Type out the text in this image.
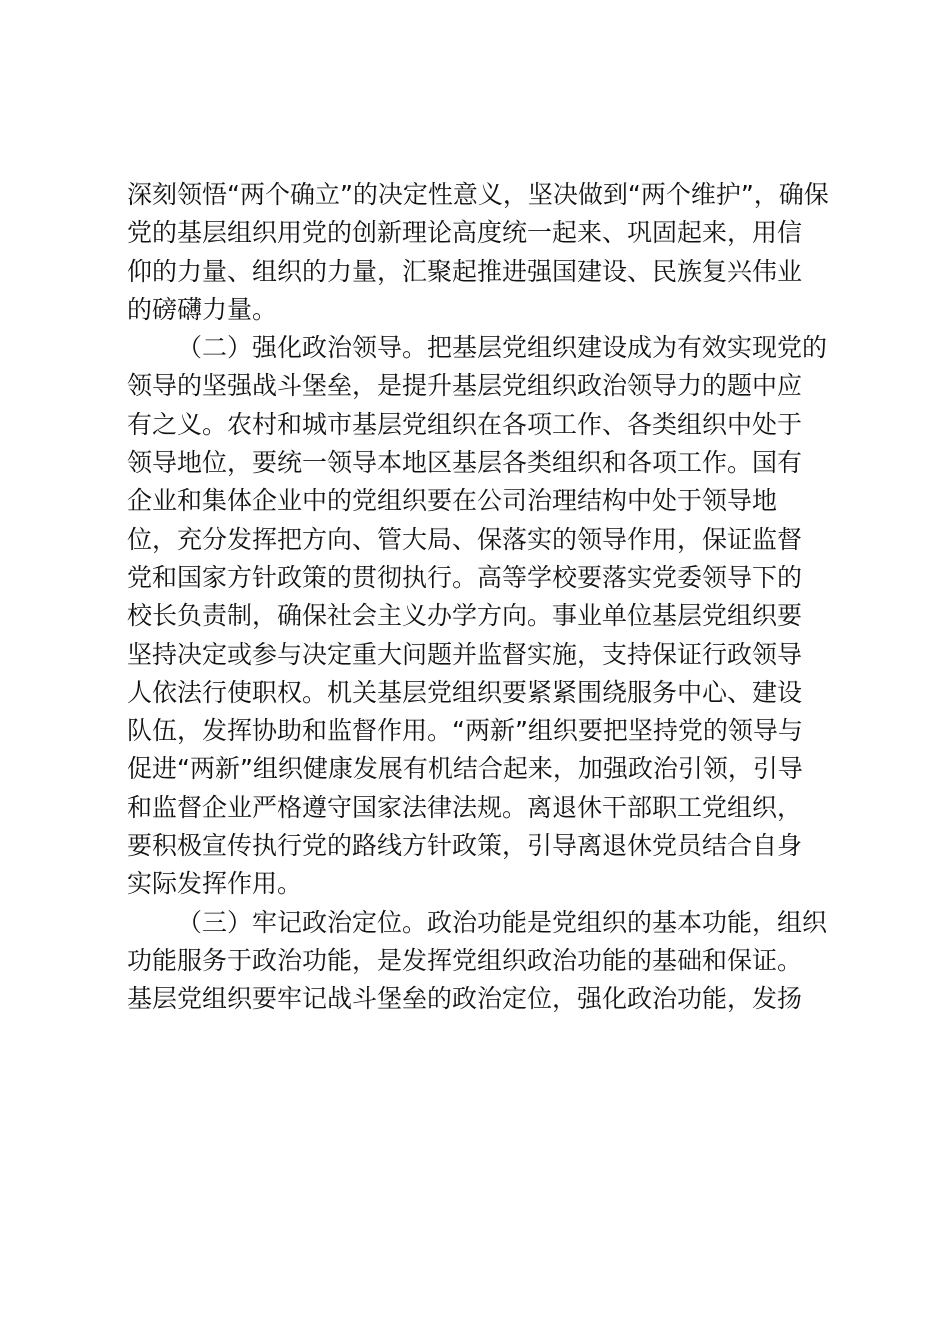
深刻领悟“两个确立”的决定性意义，坚决做到“两个维护”，确保
党的基层组织用党的创新理论高度统一起来、巩固起来，用信
仰的力量、组织的力量，汇聚起推进强国建设、民族复兴伟业
的磅礴力量。

（二）强化政治领导。把基层党组织建设成为有效实现党的
领导的坚强战斗堡垒，是提升基层党组织政治领导力的题中应
有之义。农村和城市基层党组织在各项工作、各类组织中处于
领导地位，要统一领导本地区基层各类组织和各项工作。国有
企业和集体企业中的党组织要在公司治理结构中处于领导地
位，充分发挥把方向、管大局、保落实的领导作用，保证监督
党和国家方针政策的贯彻执行。高等学校要落实党委领导下的
校长负责制，确保社会主义办学方向。事业单位基层党组织要
坚持决定或参与决定重大问题并监督实施，支持保证行政领导
人依法行使职权。机关基层党组织要紧紧围绕服务中心、建设
队伍，发挥协助和监督作用。“两新”组织要把坚持党的领导与
促进“两新”组织健康发展有机结合起来，加强政治引领，引导
和监督企业严格遵守国家法律法规。离退休干部职工党组织，
要积极宣传执行党的路线方针政策，引导离退休党员结合自身
实际发挥作用。

（三）牢记政治定位。政治功能是党组织的基本功能，组织
功能服务于政治功能，是发挥党组织政治功能的基础和保证。
基层党组织要牢记战斗堡垒的政治定位，强化政治功能，发扬
